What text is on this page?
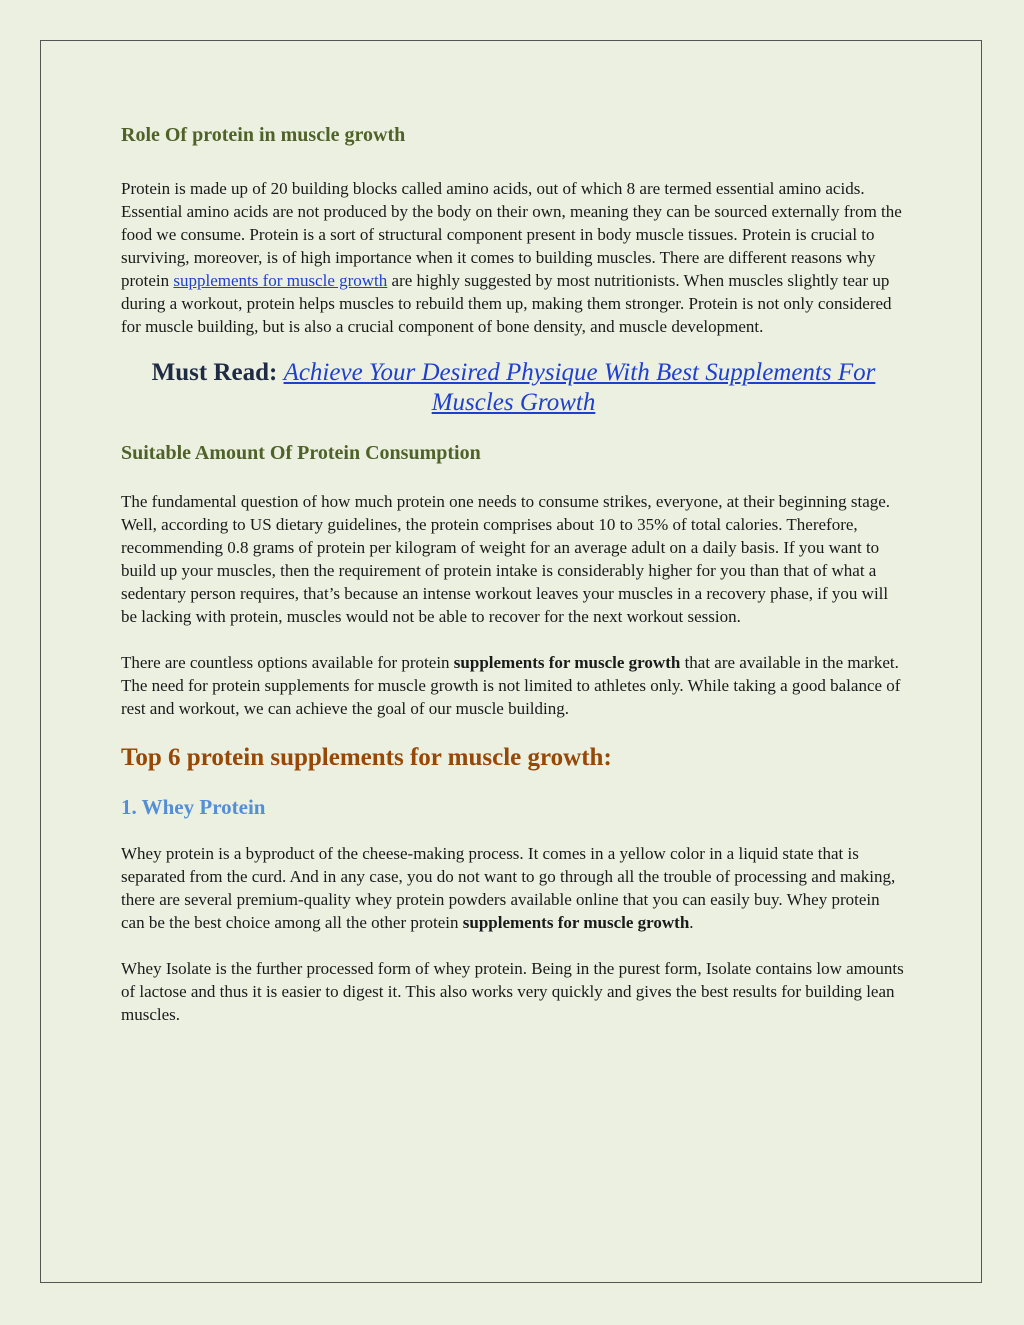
Role Of protein in muscle growth

Protein is made up of 20 building blocks called amino acids, out of which 8 are termed essential amino acids. Essential amino acids are not produced by the body on their own, meaning they can be sourced externally from the food we consume. Protein is a sort of structural component present in body muscle tissues. Protein is crucial to surviving, moreover, is of high importance when it comes to building muscles. There are different reasons why protein supplements for muscle growth are highly suggested by most nutritionists. When muscles slightly tear up during a workout, protein helps muscles to rebuild them up, making them stronger. Protein is not only considered for muscle building, but is also a crucial component of bone density, and muscle development.

Must Read: Achieve Your Desired Physique With Best Supplements For Muscles Growth

Suitable Amount Of Protein Consumption

The fundamental question of how much protein one needs to consume strikes, everyone, at their beginning stage. Well, according to US dietary guidelines, the protein comprises about 10 to 35% of total calories. Therefore, recommending 0.8 grams of protein per kilogram of weight for an average adult on a daily basis. If you want to build up your muscles, then the requirement of protein intake is considerably higher for you than that of what a sedentary person requires, that’s because an intense workout leaves your muscles in a recovery phase, if you will be lacking with protein, muscles would not be able to recover for the next workout session.

There are countless options available for protein supplements for muscle growth that are available in the market. The need for protein supplements for muscle growth is not limited to athletes only. While taking a good balance of rest and workout, we can achieve the goal of our muscle building.

Top 6 protein supplements for muscle growth:
1. Whey Protein

Whey protein is a byproduct of the cheese-making process. It comes in a yellow color in a liquid state that is separated from the curd. And in any case, you do not want to go through all the trouble of processing and making, there are several premium-quality whey protein powders available online that you can easily buy. Whey protein can be the best choice among all the other protein supplements for muscle growth.

Whey Isolate is the further processed form of whey protein. Being in the purest form, Isolate contains low amounts of lactose and thus it is easier to digest it. This also works very quickly and gives the best results for building lean muscles.
